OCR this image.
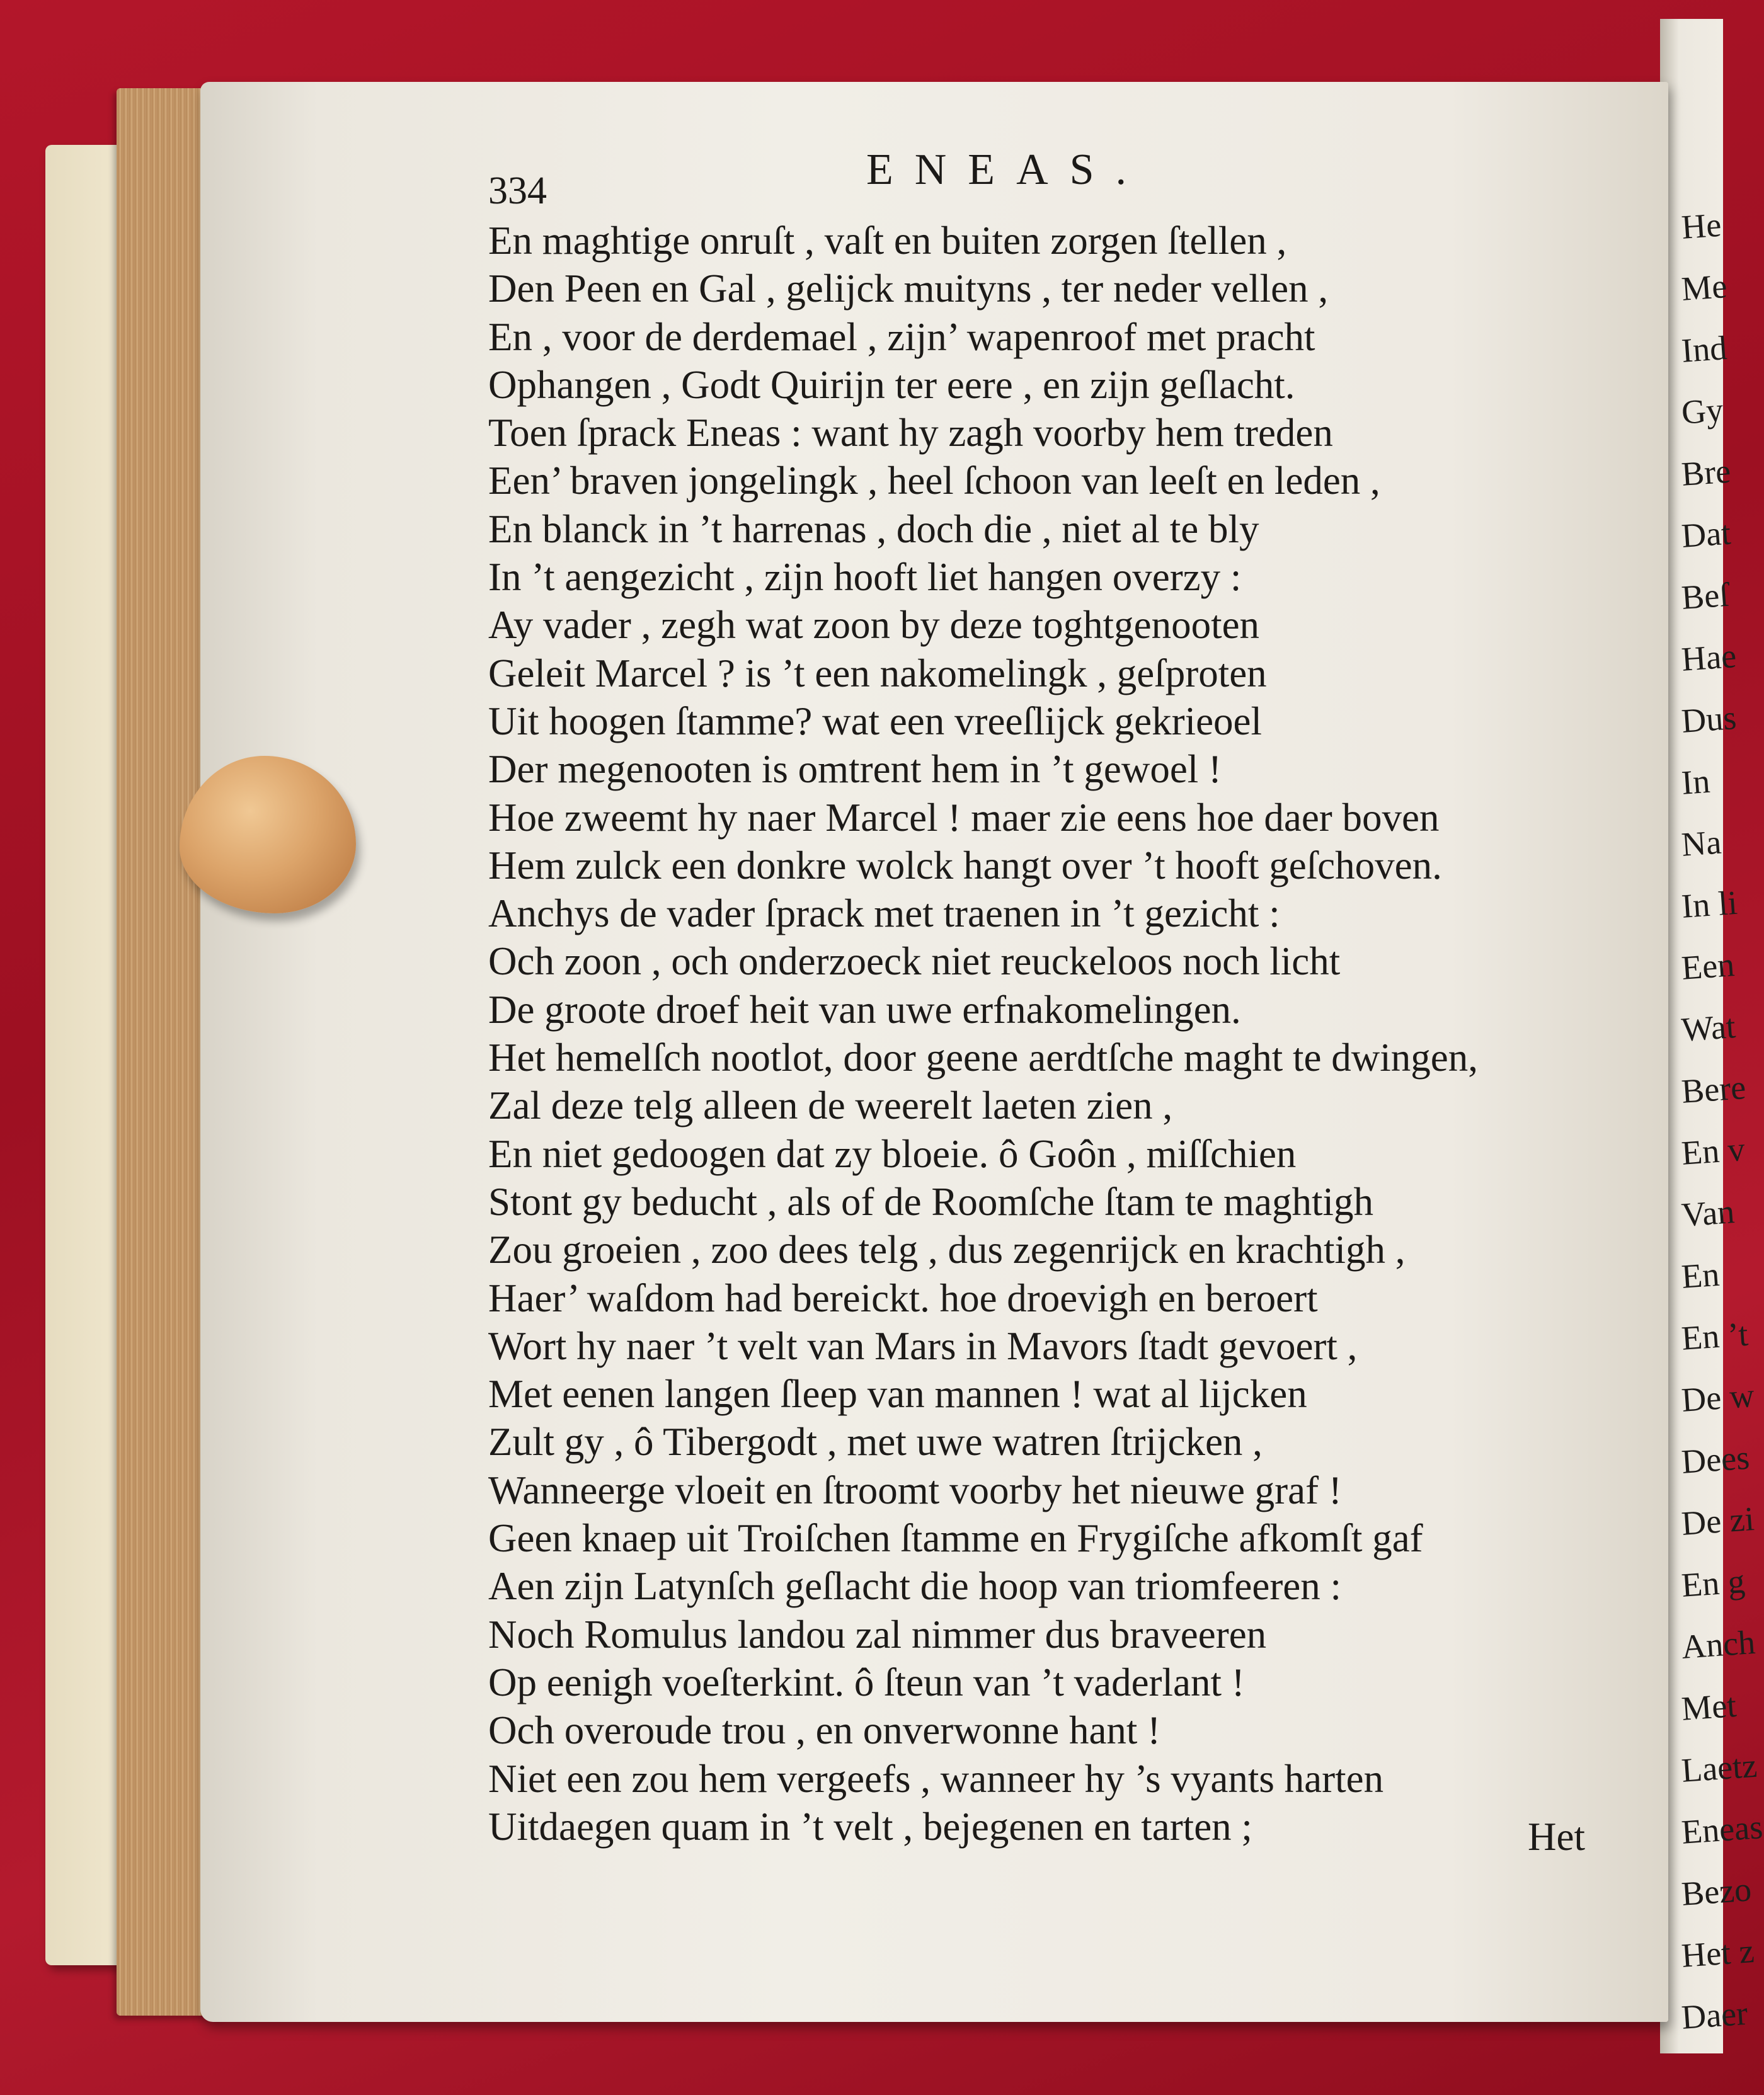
He
Me
Ind
Gy
Bre
Dat
Beſ
Hae
Dus
In
Na
In li
Een
Wat
Bere
En v
Van
En
En ’t
De w
Dees
De zi
En g
Anch
Met
Laetz
Eneas
Bezo
Het z
Daer
334	ENEAS.
En maghtige onruſt , vaſt en buiten zorgen ſtellen ,
Den Peen en Gal , gelijck muityns , ter neder vellen ,
En , voor de derdemael , zijn’ wapenroof met pracht
Ophangen , Godt Quirijn ter eere , en zijn geſlacht.
Toen ſprack Eneas : want hy zagh voorby hem treden
Een’ braven jongelingk , heel ſchoon van leeſt en leden ,
En blanck in ’t harrenas , doch die , niet al te bly
In ’t aengezicht , zijn hooft liet hangen overzy :
Ay vader , zegh wat zoon by deze toghtgenooten
Geleit Marcel ? is ’t een nakomelingk , geſproten
Uit hoogen ſtamme? wat een vreeſlijck gekrieoel
Der megenooten is omtrent hem in ’t gewoel !
Hoe zweemt hy naer Marcel ! maer zie eens hoe daer boven
Hem zulck een donkre wolck hangt over ’t hooft geſchoven.
Anchys de vader ſprack met traenen in ’t gezicht :
Och zoon , och onderzoeck niet reuckeloos noch licht
De groote droef heit van uwe erfnakomelingen.
Het hemelſch nootlot, door geene aerdtſche maght te dwingen,
Zal deze telg alleen de weerelt laeten zien ,
En niet gedoogen dat zy bloeie. ô Goôn , miſſchien
Stont gy beducht , als of de Roomſche ſtam te maghtigh
Zou groeien , zoo dees telg , dus zegenrijck en krachtigh ,
Haer’ waſdom had bereickt. hoe droevigh en beroert
Wort hy naer ’t velt van Mars in Mavors ſtadt gevoert ,
Met eenen langen ſleep van mannen ! wat al lijcken
Zult gy , ô Tibergodt , met uwe watren ſtrijcken ,
Wanneerge vloeit en ſtroomt voorby het nieuwe graf !
Geen knaep uit Troiſchen ſtamme en Frygiſche afkomſt gaf
Aen zijn Latynſch geſlacht die hoop van triomfeeren :
Noch Romulus landou zal nimmer dus braveeren
Op eenigh voeſterkint. ô ſteun van ’t vaderlant !
Och overoude trou , en onverwonne hant !
Niet een zou hem vergeefs , wanneer hy ’s vyants harten
Uitdaegen quam in ’t velt , bejegenen en tarten ;	Het
